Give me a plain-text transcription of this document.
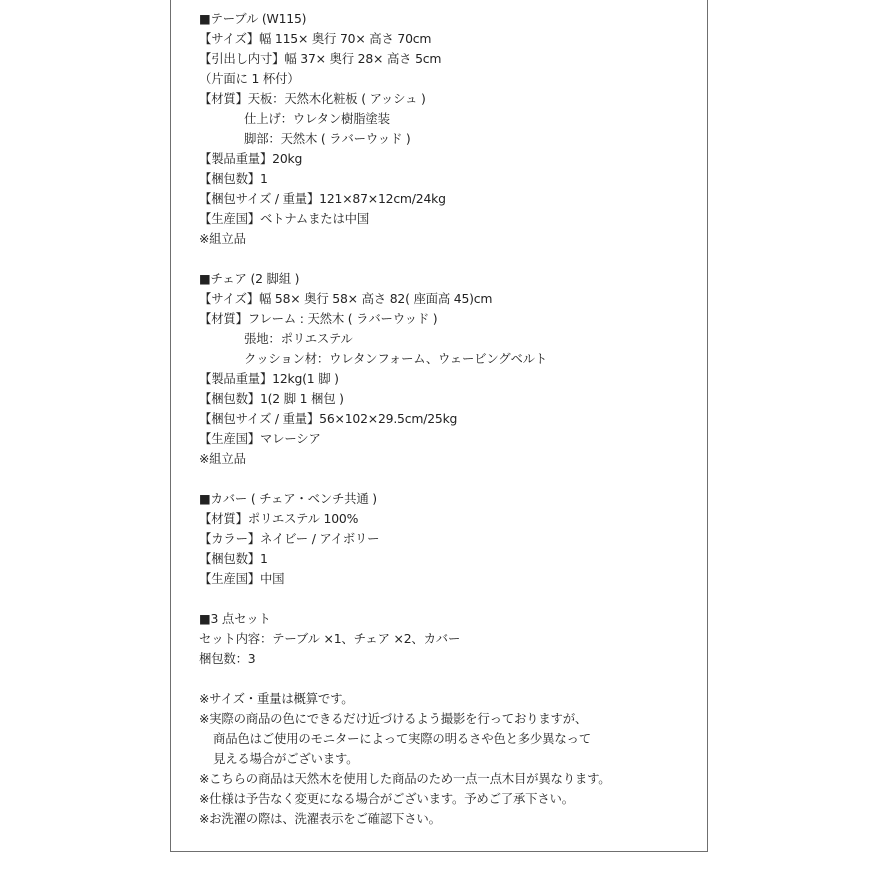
■テーブル (W115)
【サイズ】幅 115× 奥行 70× 高さ 70cm
【引出し内寸】幅 37× 奥行 28× 高さ 5cm
（片面に 1 杯付）
【材質】天板：天然木化粧板 ( アッシュ )
仕上げ：ウレタン樹脂塗装
脚部：天然木 ( ラバーウッド )
【製品重量】20kg
【梱包数】1
【梱包サイズ / 重量】121×87×12cm/24kg
【生産国】ベトナムまたは中国
※組立品
■チェア (2 脚組 )
【サイズ】幅 58× 奥行 58× 高さ 82( 座面高 45)cm
【材質】フレーム : 天然木 ( ラバーウッド )
張地：ポリエステル
クッション材：ウレタンフォーム、ウェービングベルト
【製品重量】12kg(1 脚 )
【梱包数】1(2 脚 1 梱包 )
【梱包サイズ / 重量】56×102×29.5cm/25kg
【生産国】マレーシア
※組立品
■カバー ( チェア・ベンチ共通 )
【材質】ポリエステル 100%
【カラー】ネイビー / アイボリー
【梱包数】1
【生産国】中国
■3 点セット
セット内容：テーブル ×1、チェア ×2、カバー
梱包数：3
※サイズ・重量は概算です。
※実際の商品の色にできるだけ近づけるよう撮影を行っておりますが、
商品色はご使用のモニターによって実際の明るさや色と多少異なって
見える場合がございます。
※こちらの商品は天然木を使用した商品のため一点一点木目が異なります。
※仕様は予告なく変更になる場合がございます。予めご了承下さい。
※お洗濯の際は、洗濯表示をご確認下さい。
